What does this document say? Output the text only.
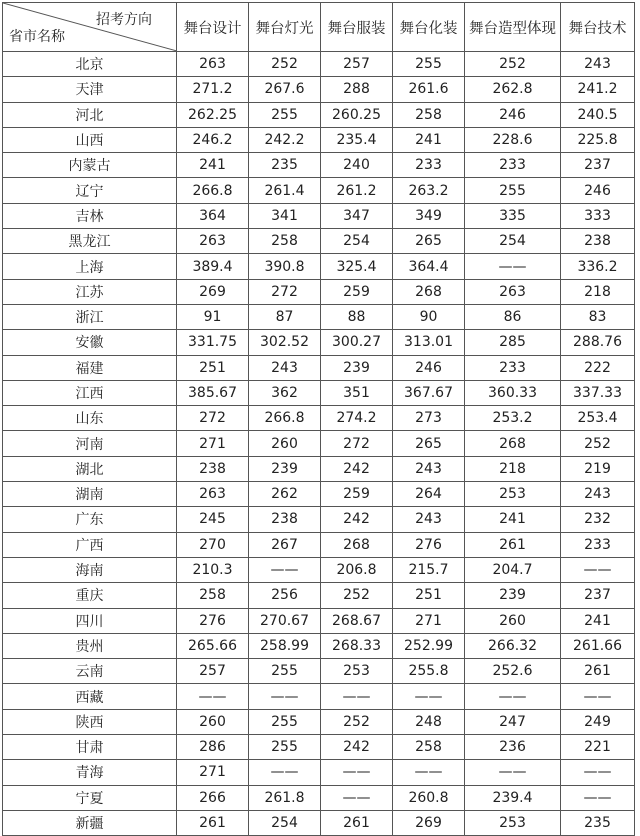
招考方向
省市名称	舞台设计	舞台灯光	舞台服装	舞台化装	舞台造型体现	舞台技术
北京	263	252	257	255	252	243
天津	271.2	267.6	288	261.6	262.8	241.2
河北	262.25	255	260.25	258	246	240.5
山西	246.2	242.2	235.4	241	228.6	225.8
内蒙古	241	235	240	233	233	237
辽宁	266.8	261.4	261.2	263.2	255	246
吉林	364	341	347	349	335	333
黑龙江	263	258	254	265	254	238
上海	389.4	390.8	325.4	364.4	——	336.2
江苏	269	272	259	268	263	218
浙江	91	87	88	90	86	83
安徽	331.75	302.52	300.27	313.01	285	288.76
福建	251	243	239	246	233	222
江西	385.67	362	351	367.67	360.33	337.33
山东	272	266.8	274.2	273	253.2	253.4
河南	271	260	272	265	268	252
湖北	238	239	242	243	218	219
湖南	263	262	259	264	253	243
广东	245	238	242	243	241	232
广西	270	267	268	276	261	233
海南	210.3	——	206.8	215.7	204.7	——
重庆	258	256	252	251	239	237
四川	276	270.67	268.67	271	260	241
贵州	265.66	258.99	268.33	252.99	266.32	261.66
云南	257	255	253	255.8	252.6	261
西藏	——	——	——	——	——	——
陕西	260	255	252	248	247	249
甘肃	286	255	242	258	236	221
青海	271	——	——	——	——	——
宁夏	266	261.8	——	260.8	239.4	——
新疆	261	254	261	269	253	235
